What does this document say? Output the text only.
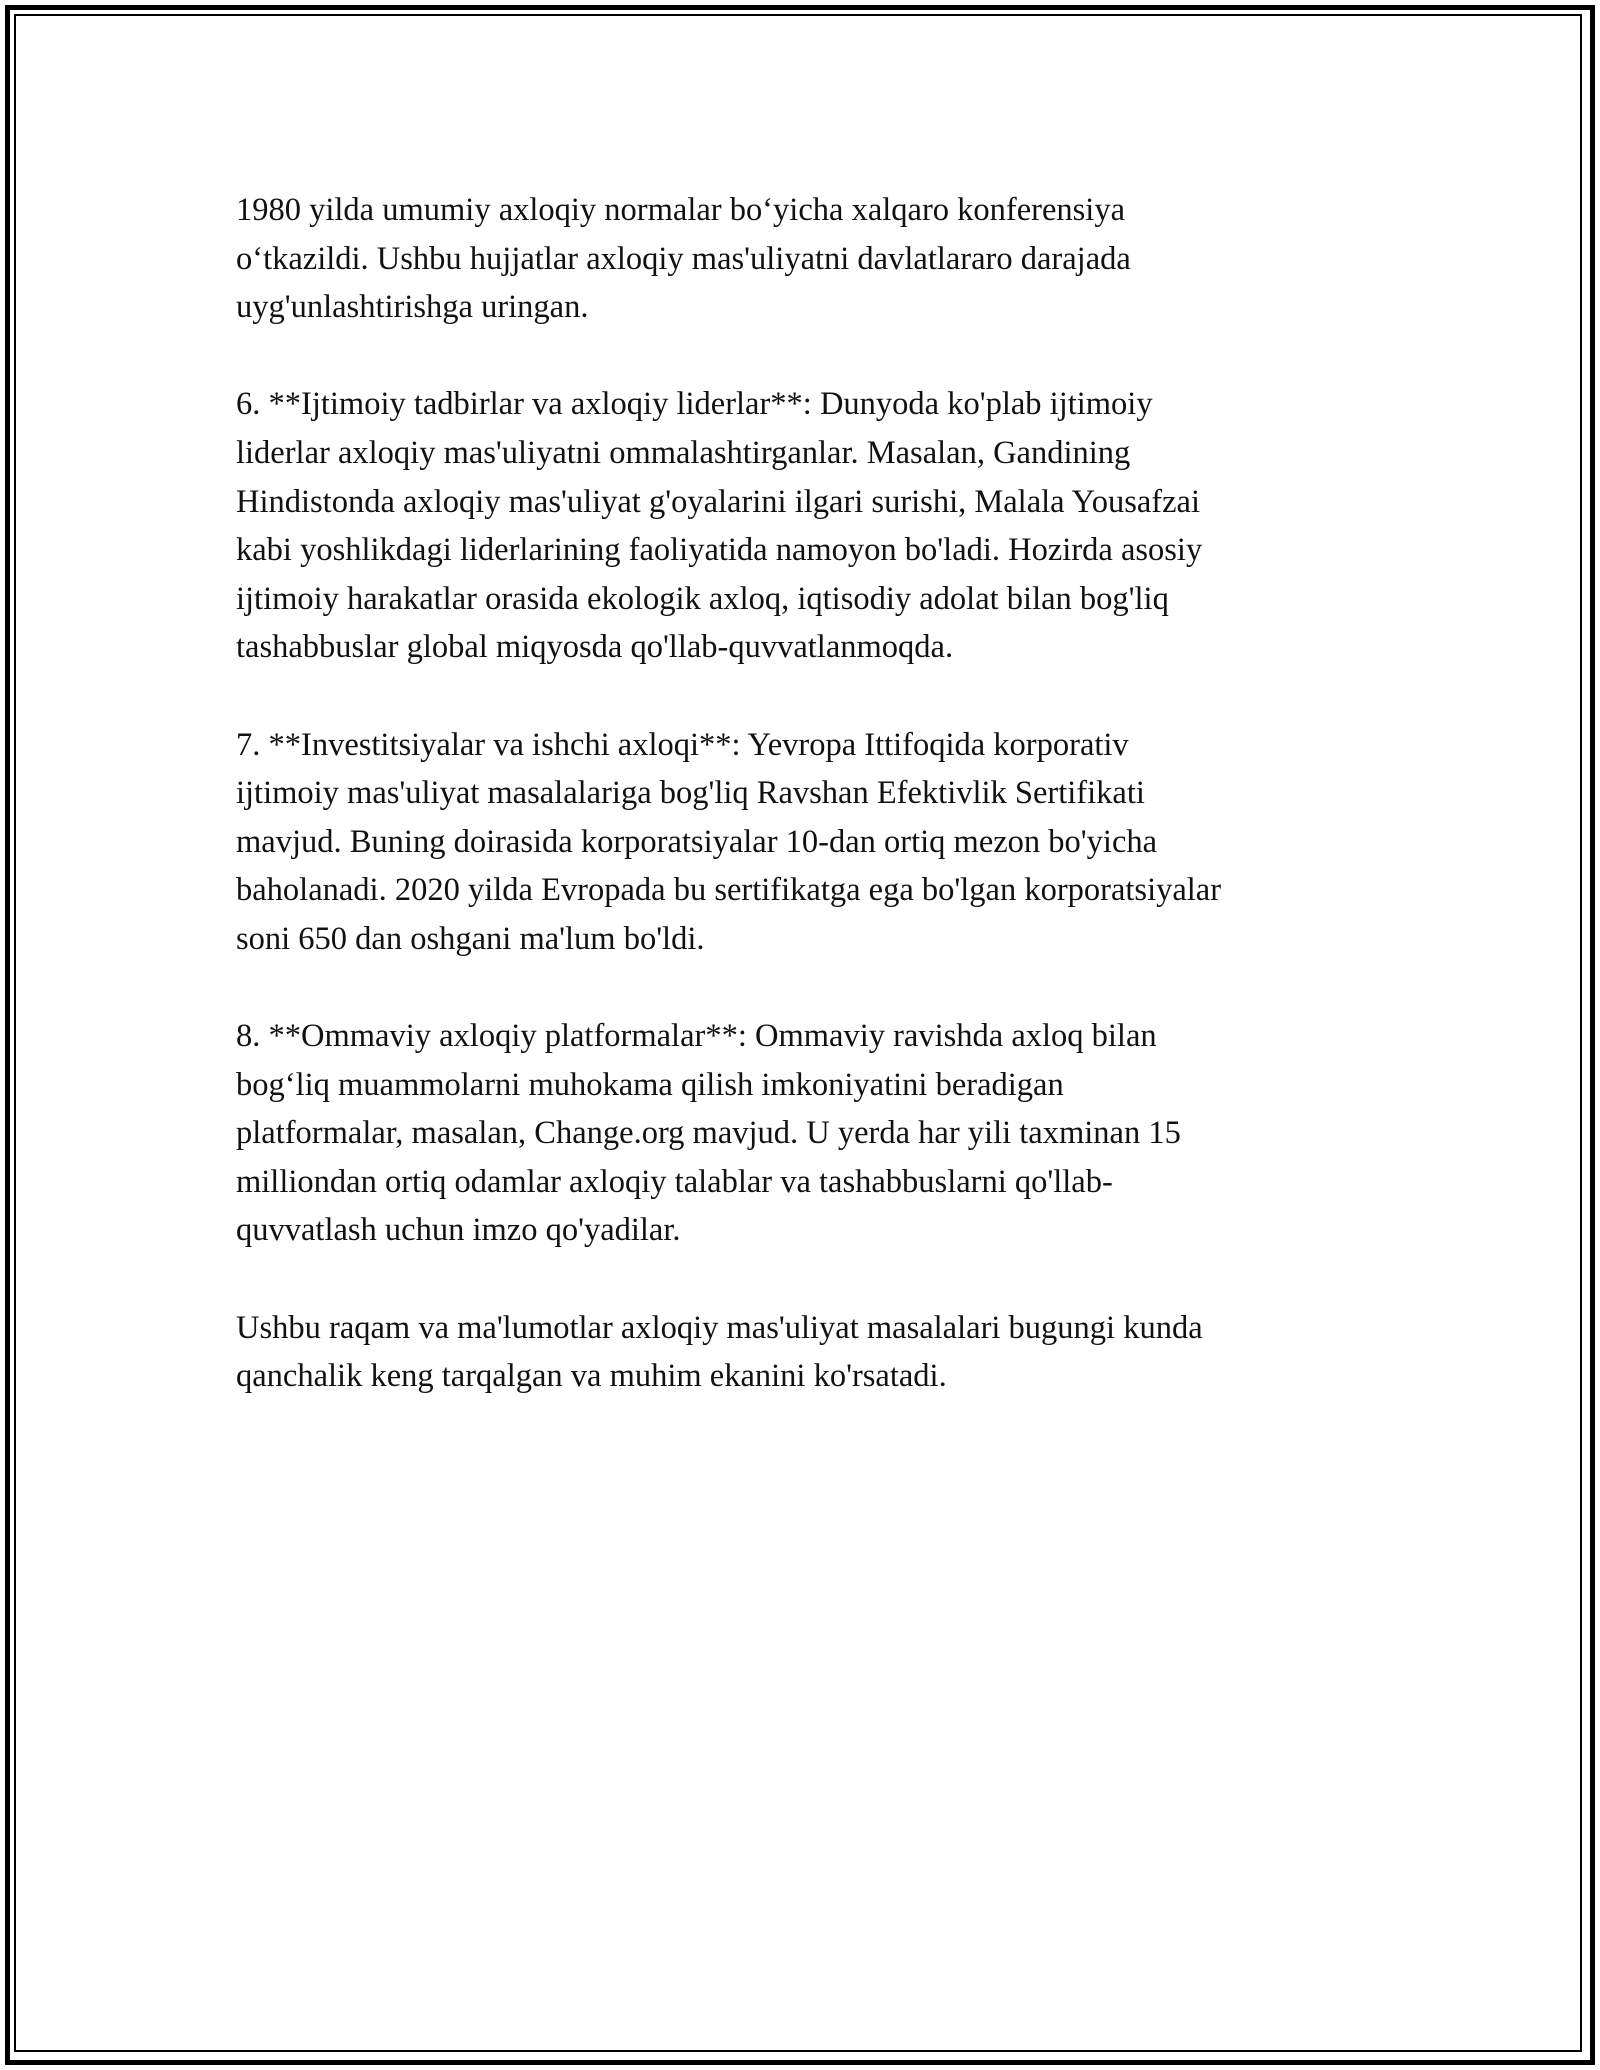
1980 yilda umumiy axloqiy normalar bo‘yicha xalqaro konferensiya
o‘tkazildi. Ushbu hujjatlar axloqiy mas'uliyatni davlatlararo darajada
uyg'unlashtirishga uringan.

6. **Ijtimoiy tadbirlar va axloqiy liderlar**: Dunyoda ko'plab ijtimoiy
liderlar axloqiy mas'uliyatni ommalashtirganlar. Masalan, Gandining
Hindistonda axloqiy mas'uliyat g'oyalarini ilgari surishi, Malala Yousafzai
kabi yoshlikdagi liderlarining faoliyatida namoyon bo'ladi. Hozirda asosiy
ijtimoiy harakatlar orasida ekologik axloq, iqtisodiy adolat bilan bog'liq
tashabbuslar global miqyosda qo'llab-quvvatlanmoqda.

7. **Investitsiyalar va ishchi axloqi**: Yevropa Ittifoqida korporativ
ijtimoiy mas'uliyat masalalariga bog'liq Ravshan Efektivlik Sertifikati
mavjud. Buning doirasida korporatsiyalar 10-dan ortiq mezon bo'yicha
baholanadi. 2020 yilda Evropada bu sertifikatga ega bo'lgan korporatsiyalar
soni 650 dan oshgani ma'lum bo'ldi.

8. **Ommaviy axloqiy platformalar**: Ommaviy ravishda axloq bilan
bog‘liq muammolarni muhokama qilish imkoniyatini beradigan
platformalar, masalan, Change.org mavjud. U yerda har yili taxminan 15
milliondan ortiq odamlar axloqiy talablar va tashabbuslarni qo'llab-
quvvatlash uchun imzo qo'yadilar.

Ushbu raqam va ma'lumotlar axloqiy mas'uliyat masalalari bugungi kunda
qanchalik keng tarqalgan va muhim ekanini ko'rsatadi.
